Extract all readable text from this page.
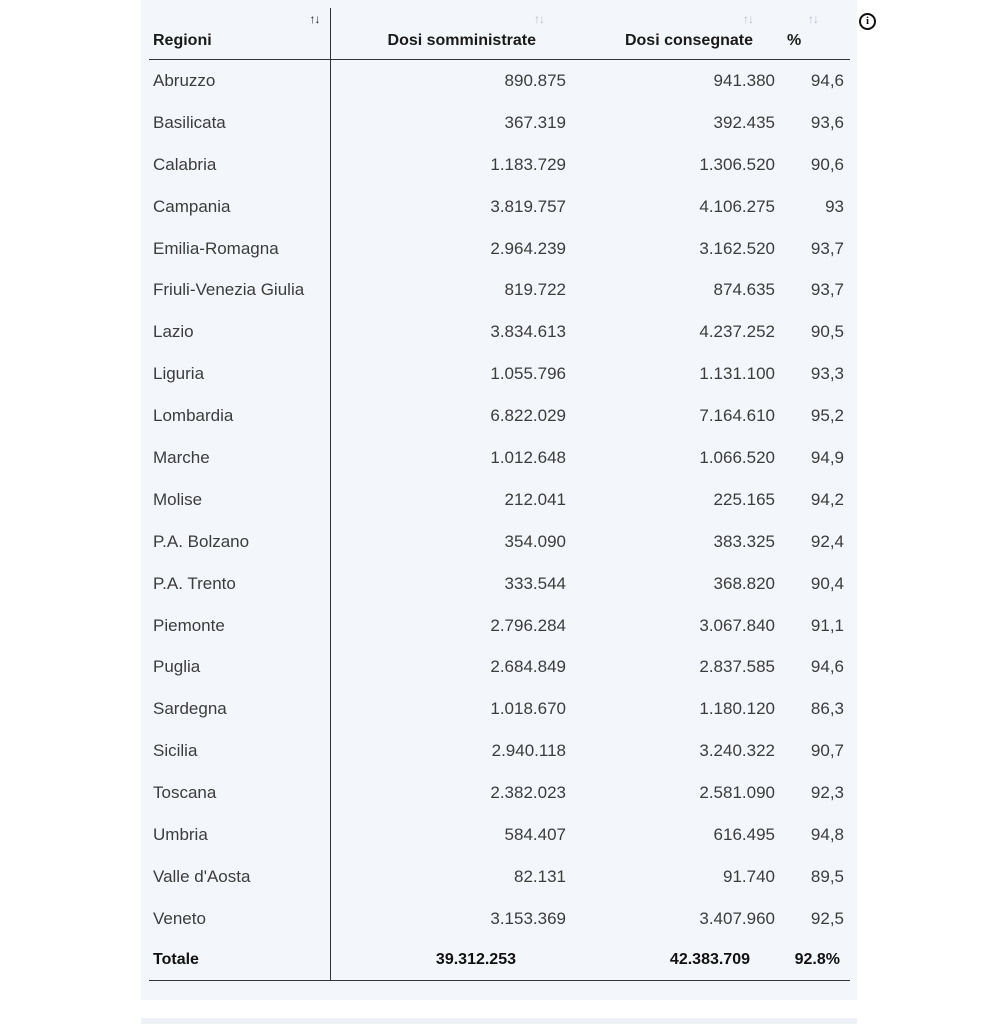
i
↑↓
Regioni	↑↓
Dosi somministrate	↑↓
Dosi consegnate	↑↓
%

Abruzzo	890.875	941.380	94,6
Basilicata	367.319	392.435	93,6
Calabria	1.183.729	1.306.520	90,6
Campania	3.819.757	4.106.275	93
Emilia-Romagna	2.964.239	3.162.520	93,7
Friuli-Venezia Giulia	819.722	874.635	93,7
Lazio	3.834.613	4.237.252	90,5
Liguria	1.055.796	1.131.100	93,3
Lombardia	6.822.029	7.164.610	95,2
Marche	1.012.648	1.066.520	94,9
Molise	212.041	225.165	94,2
P.A. Bolzano	354.090	383.325	92,4
P.A. Trento	333.544	368.820	90,4
Piemonte	2.796.284	3.067.840	91,1
Puglia	2.684.849	2.837.585	94,6
Sardegna	1.018.670	1.180.120	86,3
Sicilia	2.940.118	3.240.322	90,7
Toscana	2.382.023	2.581.090	92,3
Umbria	584.407	616.495	94,8
Valle d'Aosta	82.131	91.740	89,5
Veneto	3.153.369	3.407.960	92,5
Totale	39.312.253	42.383.709	92.8%
